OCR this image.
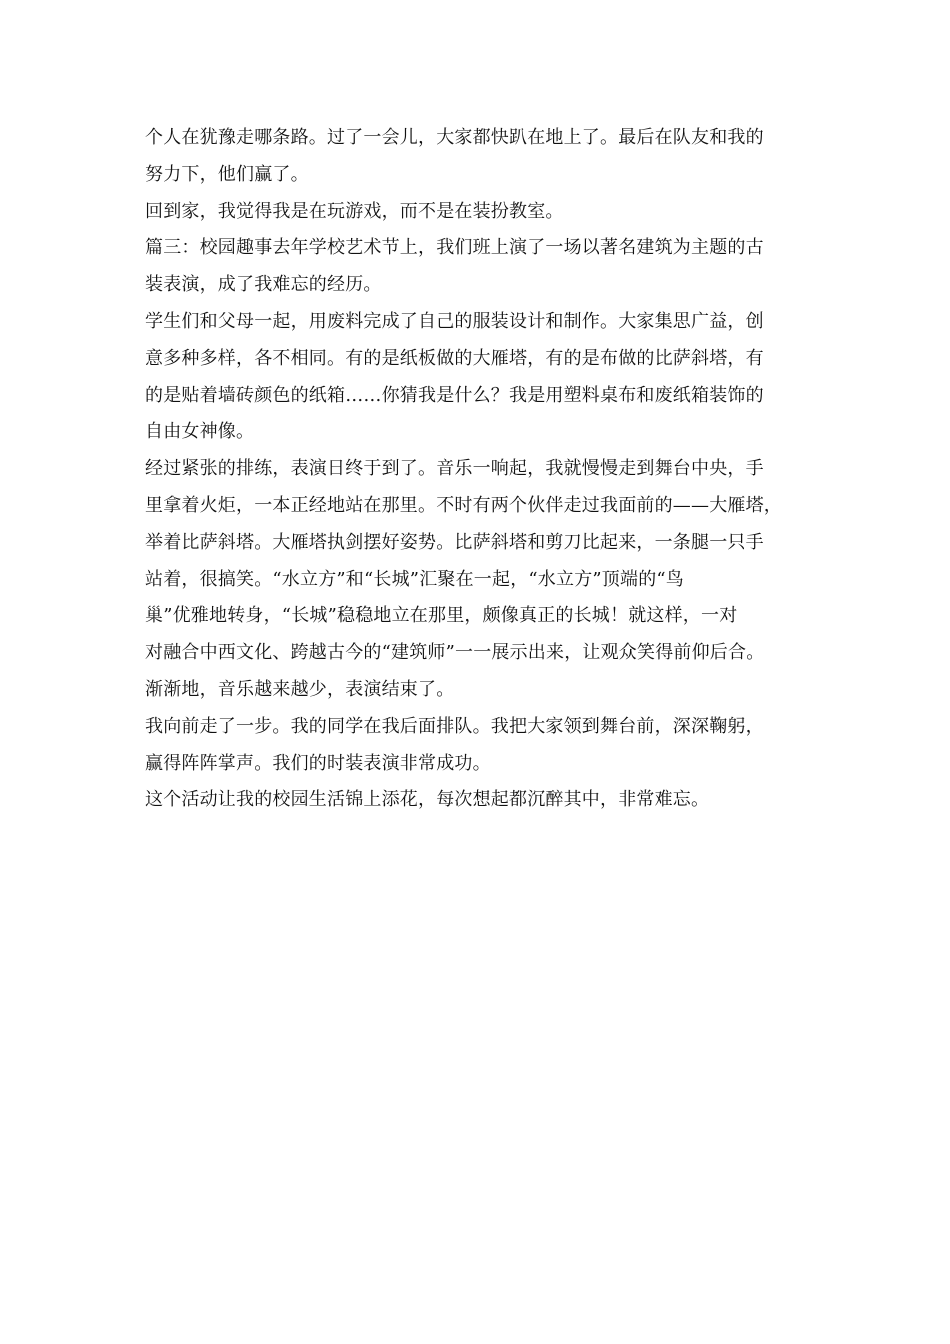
个人在犹豫走哪条路。过了一会儿，大家都快趴在地上了。最后在队友和我的
努力下，他们赢了。
回到家，我觉得我是在玩游戏，而不是在装扮教室。
篇三：校园趣事去年学校艺术节上，我们班上演了一场以著名建筑为主题的古
装表演，成了我难忘的经历。
学生们和父母一起，用废料完成了自己的服装设计和制作。大家集思广益，创
意多种多样，各不相同。有的是纸板做的大雁塔，有的是布做的比萨斜塔，有
的是贴着墙砖颜色的纸箱……你猜我是什么？我是用塑料桌布和废纸箱装饰的
自由女神像。
经过紧张的排练，表演日终于到了。音乐一响起，我就慢慢走到舞台中央，手
里拿着火炬，一本正经地站在那里。不时有两个伙伴走过我面前的——大雁塔，
举着比萨斜塔。大雁塔执剑摆好姿势。比萨斜塔和剪刀比起来，一条腿一只手
站着，很搞笑。“水立方”和“长城”汇聚在一起，“水立方”顶端的“鸟
巢”优雅地转身，“长城”稳稳地立在那里，颇像真正的长城！就这样，一对
对融合中西文化、跨越古今的“建筑师”一一展示出来，让观众笑得前仰后合。
渐渐地，音乐越来越少，表演结束了。
我向前走了一步。我的同学在我后面排队。我把大家领到舞台前，深深鞠躬，
赢得阵阵掌声。我们的时装表演非常成功。
这个活动让我的校园生活锦上添花，每次想起都沉醉其中，非常难忘。
